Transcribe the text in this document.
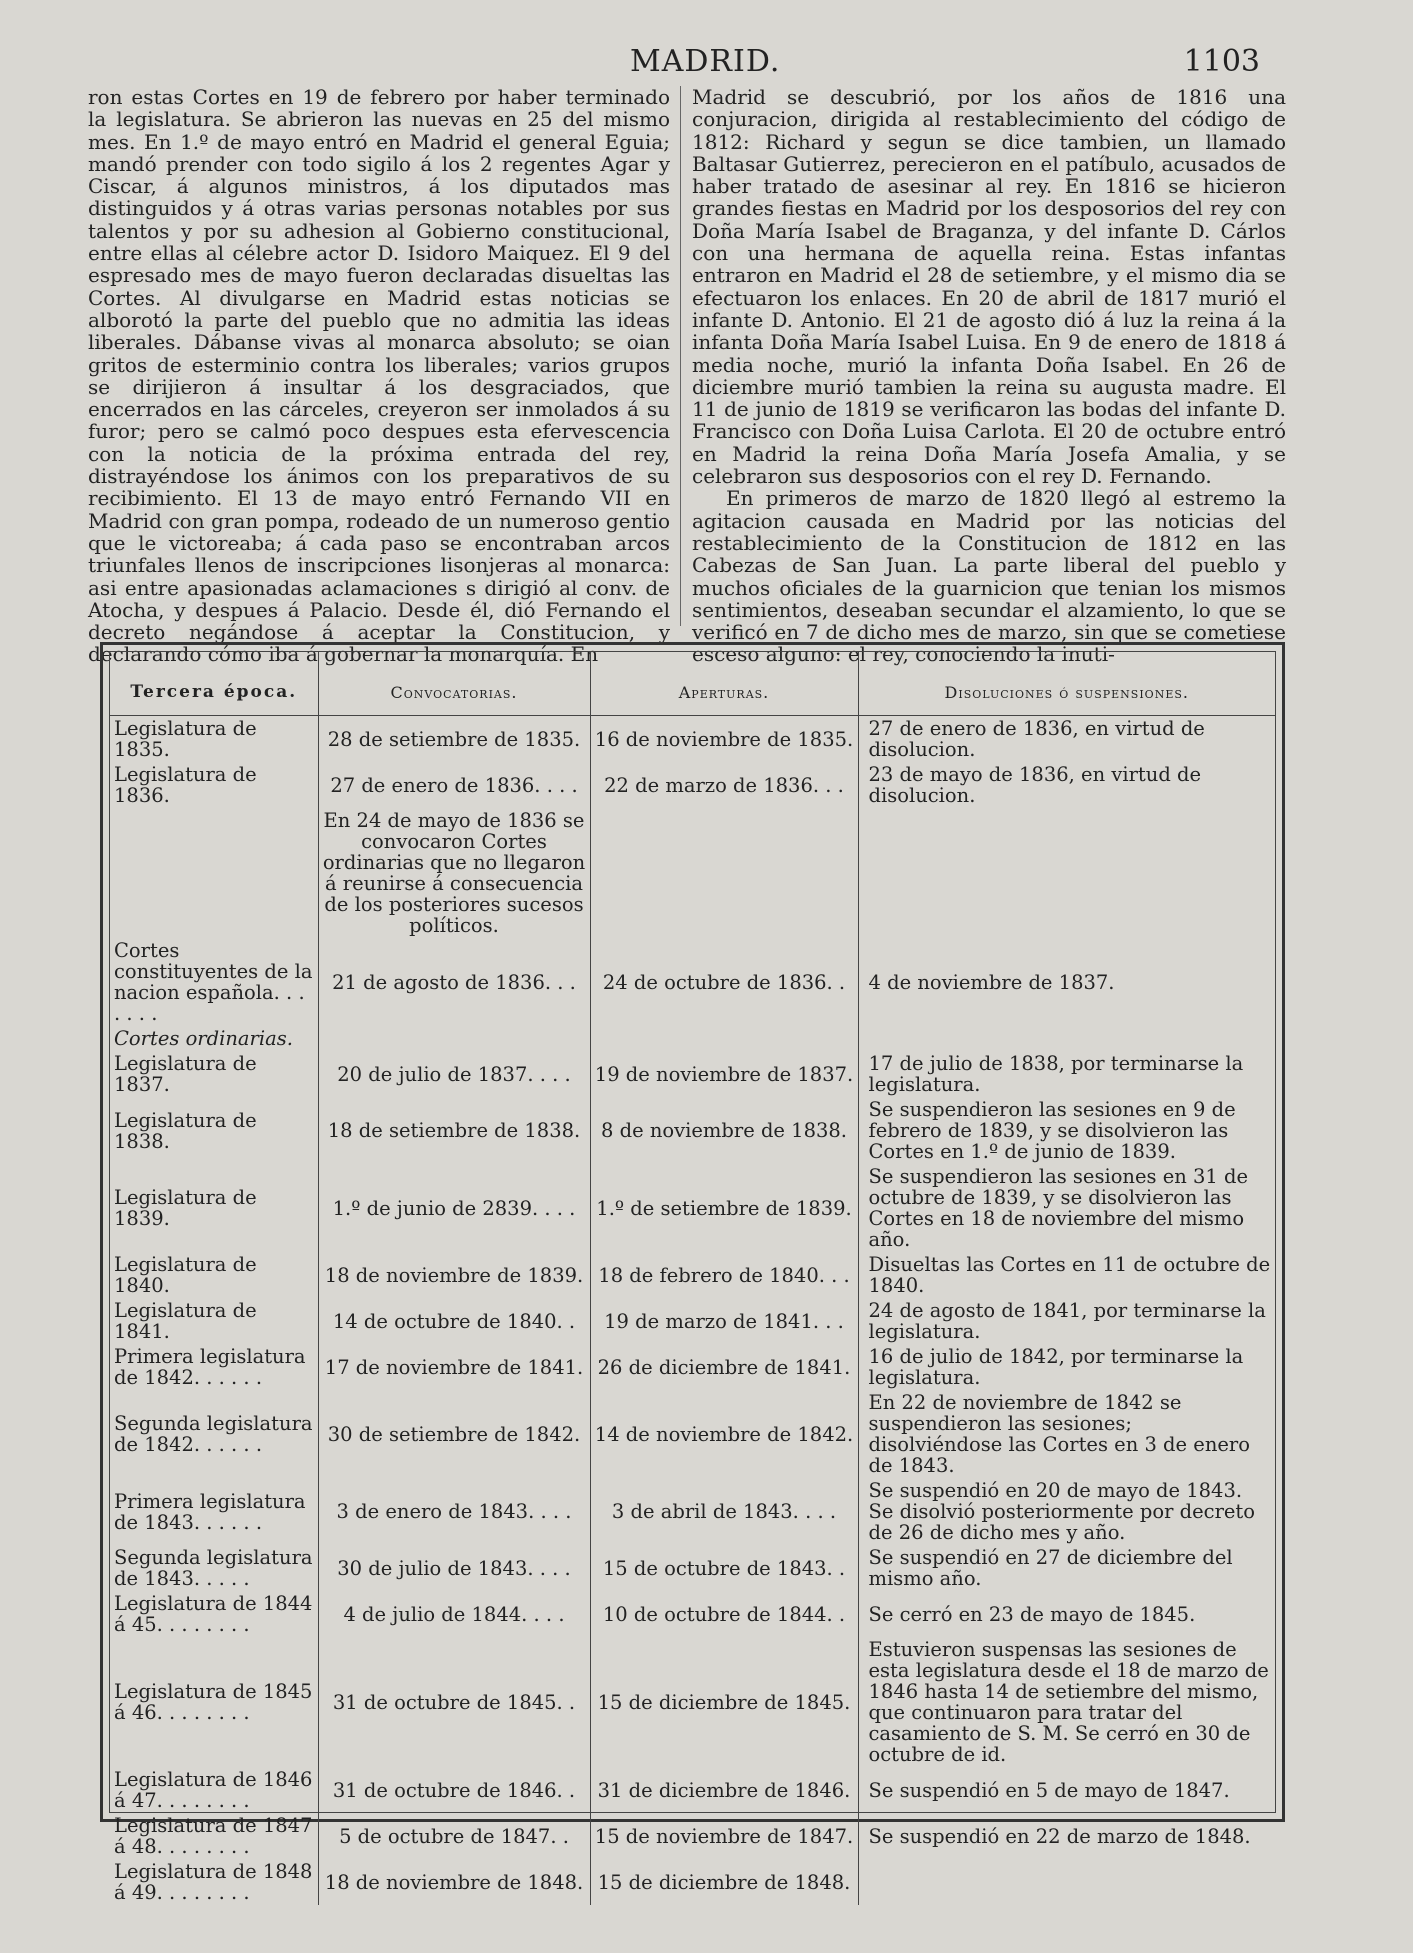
MADRID.	1103

ron estas Cortes en 19 de febrero por haber terminado la legislatura. Se abrieron las nuevas en 25 del mismo mes. En 1.º de mayo entró en Madrid el general Eguia; mandó prender con todo sigilo á los 2 regentes Agar y Ciscar, á algunos ministros, á los diputados mas distinguidos y á otras varias personas notables por sus talentos y por su adhesion al Gobierno constitucional, entre ellas al célebre actor D. Isidoro Maiquez. El 9 del espresado mes de mayo fueron declaradas disueltas las Cortes. Al divulgarse en Madrid estas noticias se alborotó la parte del pueblo que no admitia las ideas liberales. Dábanse vivas al monarca absoluto; se oian gritos de esterminio contra los liberales; varios grupos se dirijieron á insultar á los desgraciados, que encerrados en las cárceles, creyeron ser inmolados á su furor; pero se calmó poco despues esta efervescencia con la noticia de la próxima entrada del rey, distrayéndose los ánimos con los preparativos de su recibimiento. El 13 de mayo entró Fernando VII en Madrid con gran pompa, rodeado de un numeroso gentio que le victoreaba; á cada paso se encontraban arcos triunfales llenos de inscripciones lisonjeras al monarca: asi entre apasionadas aclamaciones s dirigió al conv. de Atocha, y despues á Palacio. Desde él, dió Fernando el decreto negándose á aceptar la Constitucion, y declarando cómo iba á gobernar la monarquía. En

Madrid se descubrió, por los años de 1816 una conjuracion, dirigida al restablecimiento del código de 1812: Richard y segun se dice tambien, un llamado Baltasar Gutierrez, perecieron en el patíbulo, acusados de haber tratado de asesinar al rey. En 1816 se hicieron grandes fiestas en Madrid por los desposorios del rey con Doña María Isabel de Braganza, y del infante D. Cárlos con una hermana de aquella reina. Estas infantas entraron en Madrid el 28 de setiembre, y el mismo dia se efectuaron los enlaces. En 20 de abril de 1817 murió el infante D. Antonio. El 21 de agosto dió á luz la reina á la infanta Doña María Isabel Luisa. En 9 de enero de 1818 á media noche, murió la infanta Doña Isabel. En 26 de diciembre murió tambien la reina su augusta madre. El 11 de junio de 1819 se verificaron las bodas del infante D. Francisco con Doña Luisa Carlota. El 20 de octubre entró en Madrid la reina Doña María Josefa Amalia, y se celebraron sus desposorios con el rey D. Fernando.

En primeros de marzo de 1820 llegó al estremo la agitacion causada en Madrid por las noticias del restablecimiento de la Constitucion de 1812 en las Cabezas de San Juan. La parte liberal del pueblo y muchos oficiales de la guarnicion que tenian los mismos sentimientos, deseaban secundar el alzamiento, lo que se verificó en 7 de dicho mes de marzo, sin que se cometiese esceso alguno: el rey, conociendo la inuti-

Tercera época.	Convocatorias.	Aperturas.	Disoluciones ó suspensiones.
Legislatura de 1835.	28 de setiembre de 1835.	16 de noviembre de 1835.	27 de enero de 1836, en virtud de disolucion.
Legislatura de 1836.	27 de enero de 1836. . . .	22 de marzo de 1836. . .	23 de mayo de 1836, en virtud de disolucion.
	En 24 de mayo de 1836 se convocaron Cortes ordinarias que no llegaron á reunirse á consecuencia de los posteriores sucesos políticos.		
Cortes constituyentes de la nacion española. . . . . . .	21 de agosto de 1836. . .	24 de octubre de 1836. .	4 de noviembre de 1837.
Cortes ordinarias.			
Legislatura de 1837.	20 de julio de 1837. . . .	19 de noviembre de 1837.	17 de julio de 1838, por terminarse la legislatura.
Legislatura de 1838.	18 de setiembre de 1838.	8 de noviembre de 1838.	Se suspendieron las sesiones en 9 de febrero de 1839, y se disolvieron las Cortes en 1.º de junio de 1839.
Legislatura de 1839.	1.º de junio de 2839. . . .	1.º de setiembre de 1839.	Se suspendieron las sesiones en 31 de octubre de 1839, y se disolvieron las Cortes en 18 de noviembre del mismo año.
Legislatura de 1840.	18 de noviembre de 1839.	18 de febrero de 1840. . .	Disueltas las Cortes en 11 de octubre de 1840.
Legislatura de 1841.	14 de octubre de 1840. .	19 de marzo de 1841. . .	24 de agosto de 1841, por terminarse la legislatura.
Primera legislatura de 1842. . . . . .	17 de noviembre de 1841.	26 de diciembre de 1841.	16 de julio de 1842, por terminarse la legislatura.
Segunda legislatura de 1842. . . . . .	30 de setiembre de 1842.	14 de noviembre de 1842.	En 22 de noviembre de 1842 se suspendieron las sesiones; disolviéndose las Cortes en 3 de enero de 1843.
Primera legislatura de 1843. . . . . .	3 de enero de 1843. . . .	3 de abril de 1843. . . .	Se suspendió en 20 de mayo de 1843. Se disolvió posteriormente por decreto de 26 de dicho mes y año.
Segunda legislatura de 1843. . . . .	30 de julio de 1843. . . .	15 de octubre de 1843. .	Se suspendió en 27 de diciembre del mismo año.
Legislatura de 1844 á 45. . . . . . . .	4 de julio de 1844. . . .	10 de octubre de 1844. .	Se cerró en 23 de mayo de 1845.
Legislatura de 1845 á 46. . . . . . . .	31 de octubre de 1845. .	15 de diciembre de 1845.	Estuvieron suspensas las sesiones de esta legislatura desde el 18 de marzo de 1846 hasta 14 de setiembre del mismo, que continuaron para tratar del casamiento de S. M. Se cerró en 30 de octubre de id.
Legislatura de 1846 á 47. . . . . . . .	31 de octubre de 1846. .	31 de diciembre de 1846.	Se suspendió en 5 de mayo de 1847.
Legislatura de 1847 á 48. . . . . . . .	5 de octubre de 1847. .	15 de noviembre de 1847.	Se suspendió en 22 de marzo de 1848.
Legislatura de 1848 á 49. . . . . . . .	18 de noviembre de 1848.	15 de diciembre de 1848.	
